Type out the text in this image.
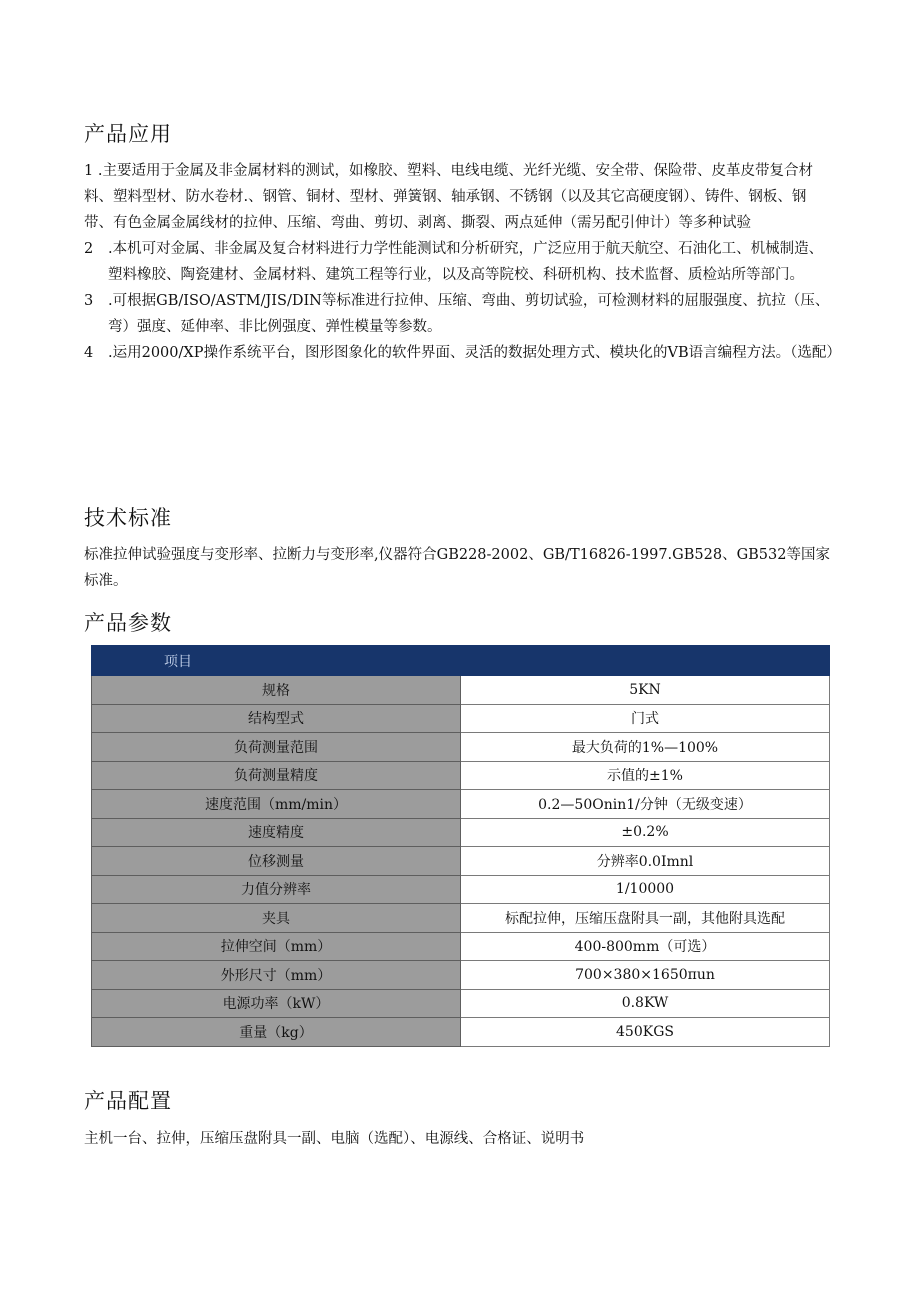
产品应用
1 .主要适用于金属及非金属材料的测试，如橡胶、塑料、电线电缆、光纤光缆、安全带、保险带、皮革皮带复合材料、塑料型材、防水卷材.、钢管、铜材、型材、弹簧钢、轴承钢、不锈钢（以及其它高硬度钢）、铸件、钢板、钢带、有色金属金属线材的拉伸、压缩、弯曲、剪切、剥离、撕裂、两点延伸（需另配引伸计）等多种试验
2	.本机可对金属、非金属及复合材料进行力学性能测试和分析研究，广泛应用于航天航空、石油化工、机械制造、塑料橡胶、陶瓷建材、金属材料、建筑工程等行业，以及高等院校、科研机构、技术监督、质检站所等部门。
3	.可根据GB/ISO/ASTM/JIS/DIN等标准进行拉伸、压缩、弯曲、剪切试验，可检测材料的屈服强度、抗拉（压、弯）强度、延伸率、非比例强度、弹性模量等参数。
4	.运用2000/XP操作系统平台，图形图象化的软件界面、灵活的数据处理方式、模块化的VB语言编程方法。（选配）
技术标准
标准拉伸试验强度与变形率、拉断力与变形率,仪器符合GB228-2002、GB/T16826-1997.GB528、GB532等国家标准。
产品参数
项目	
规格	5KN
结构型式	门式
负荷测量范围	最大负荷的1%—100%
负荷测量精度	示值的±1%
速度范围（mm/min）	0.2—50Onin1/分钟（无级变速）
速度精度	±0.2%
位移测量	分辨率0.0Imnl
力值分辨率	1/10000
夹具	标配拉伸，压缩压盘附具一副，其他附具选配
拉伸空间（mm）	400-800mm（可选）
外形尺寸（mm）	700×380×1650πun
电源功率（kW）	0.8KW
重量（kg）	450KGS
产品配置
主机一台、拉伸，压缩压盘附具一副、电脑（选配）、电源线、合格证、说明书
